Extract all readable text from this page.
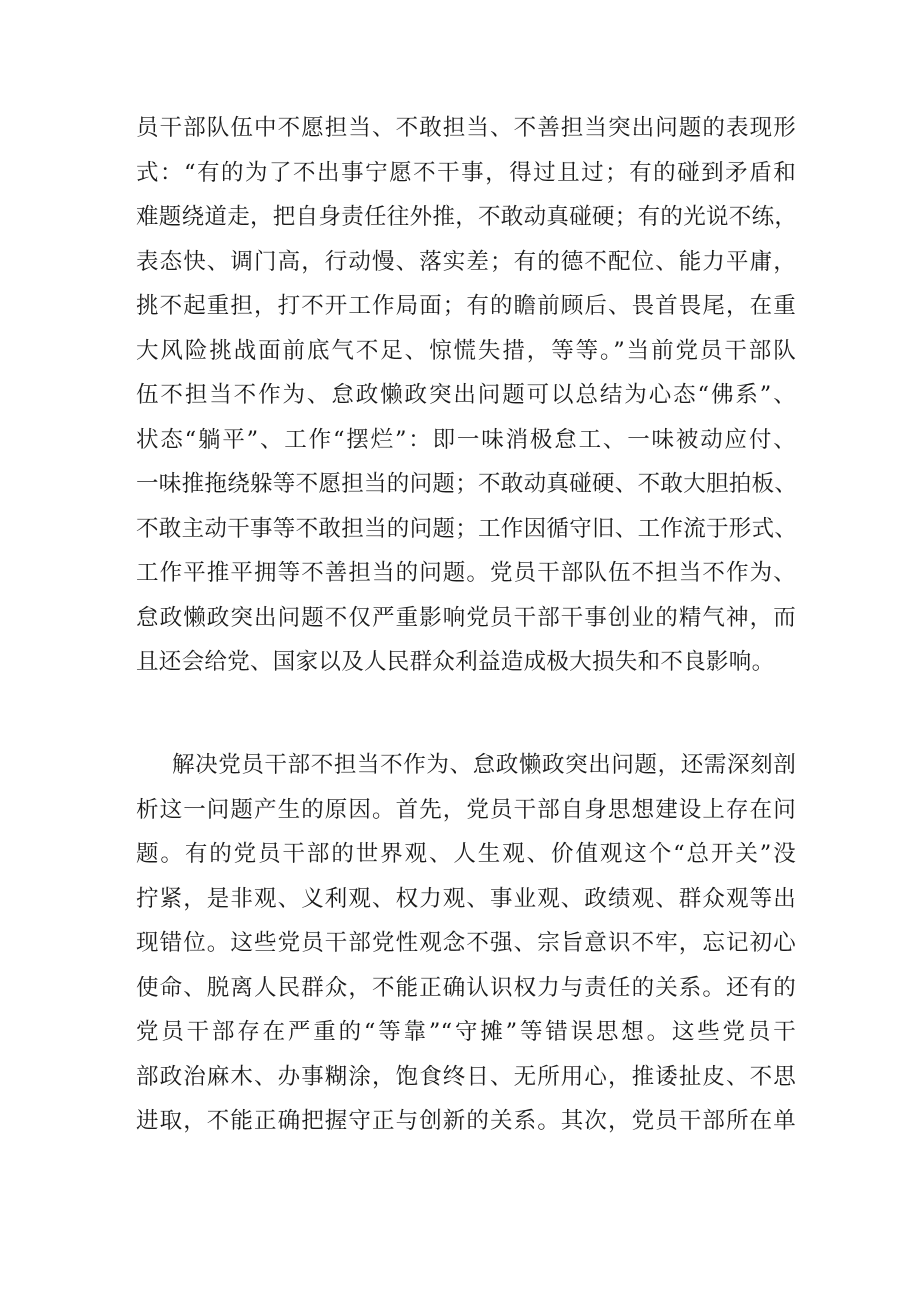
员干部队伍中不愿担当、不敢担当、不善担当突出问题的表现形
式：“有的为了不出事宁愿不干事，得过且过；有的碰到矛盾和
难题绕道走，把自身责任往外推，不敢动真碰硬；有的光说不练，
表态快、调门高，行动慢、落实差；有的德不配位、能力平庸，
挑不起重担，打不开工作局面；有的瞻前顾后、畏首畏尾，在重
大风险挑战面前底气不足、惊慌失措，等等。”当前党员干部队
伍不担当不作为、怠政懒政突出问题可以总结为心态“佛系”、
状态“躺平”、工作“摆烂”：即一味消极怠工、一味被动应付、
一味推拖绕躲等不愿担当的问题；不敢动真碰硬、不敢大胆拍板、
不敢主动干事等不敢担当的问题；工作因循守旧、工作流于形式、
工作平推平拥等不善担当的问题。党员干部队伍不担当不作为、
怠政懒政突出问题不仅严重影响党员干部干事创业的精气神，而
且还会给党、国家以及人民群众利益造成极大损失和不良影响。
解决党员干部不担当不作为、怠政懒政突出问题，还需深刻剖
析这一问题产生的原因。首先，党员干部自身思想建设上存在问
题。有的党员干部的世界观、人生观、价值观这个“总开关”没
拧紧，是非观、义利观、权力观、事业观、政绩观、群众观等出
现错位。这些党员干部党性观念不强、宗旨意识不牢，忘记初心
使命、脱离人民群众，不能正确认识权力与责任的关系。还有的
党员干部存在严重的“等靠”“守摊”等错误思想。这些党员干
部政治麻木、办事糊涂，饱食终日、无所用心，推诿扯皮、不思
进取，不能正确把握守正与创新的关系。其次，党员干部所在单
